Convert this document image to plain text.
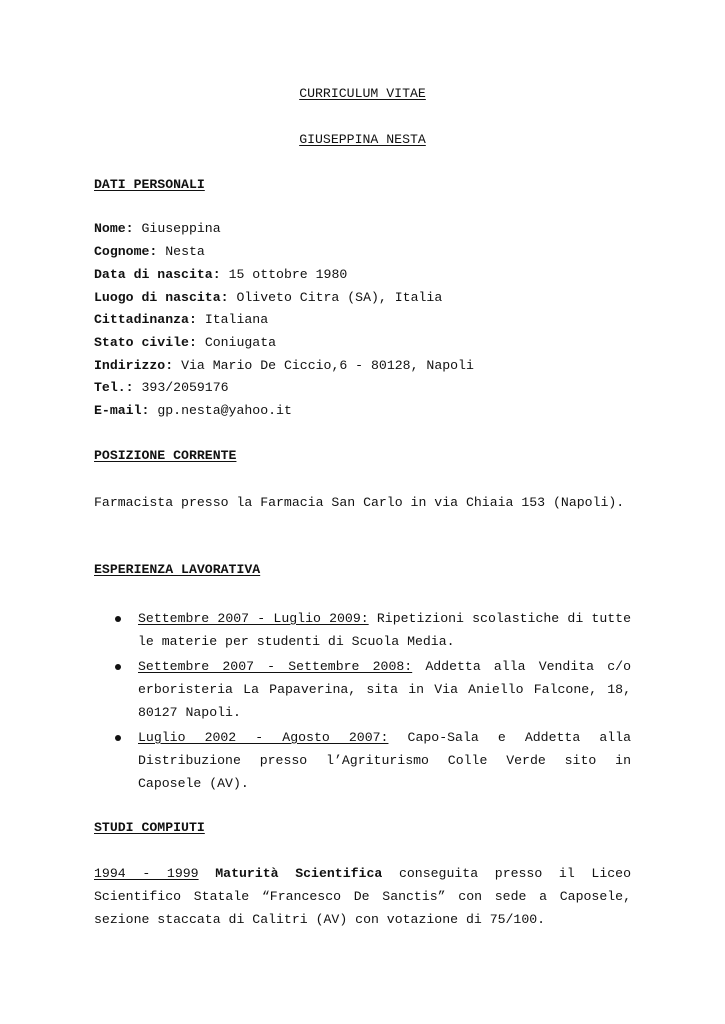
CURRICULUM VITAE
GIUSEPPINA NESTA
DATI PERSONALI
Nome: Giuseppina
Cognome: Nesta
Data di nascita: 15 ottobre 1980
Luogo di nascita: Oliveto Citra (SA), Italia
Cittadinanza: Italiana
Stato civile: Coniugata
Indirizzo: Via Mario De Ciccio,6 - 80128, Napoli
Tel.: 393/2059176
E-mail: gp.nesta@yahoo.it
POSIZIONE CORRENTE

Farmacista presso la Farmacia San Carlo in via Chiaia 153 (Napoli).

ESPERIENZA LAVORATIVA
Settembre 2007 - Luglio 2009: Ripetizioni scolastiche di tutte le materie per studenti di Scuola Media.
Settembre 2007 - Settembre 2008: Addetta alla Vendita c/o erboristeria La Papaverina, sita in Via Aniello Falcone, 18, 80127 Napoli.
Luglio 2002 - Agosto 2007: Capo-Sala e Addetta alla Distribuzione presso l’Agriturismo Colle Verde sito in Caposele (AV).
STUDI COMPIUTI

1994 - 1999 Maturità Scientifica conseguita presso il Liceo Scientifico Statale “Francesco De Sanctis” con sede a Caposele, sezione staccata di Calitri (AV) con votazione di 75/100.
